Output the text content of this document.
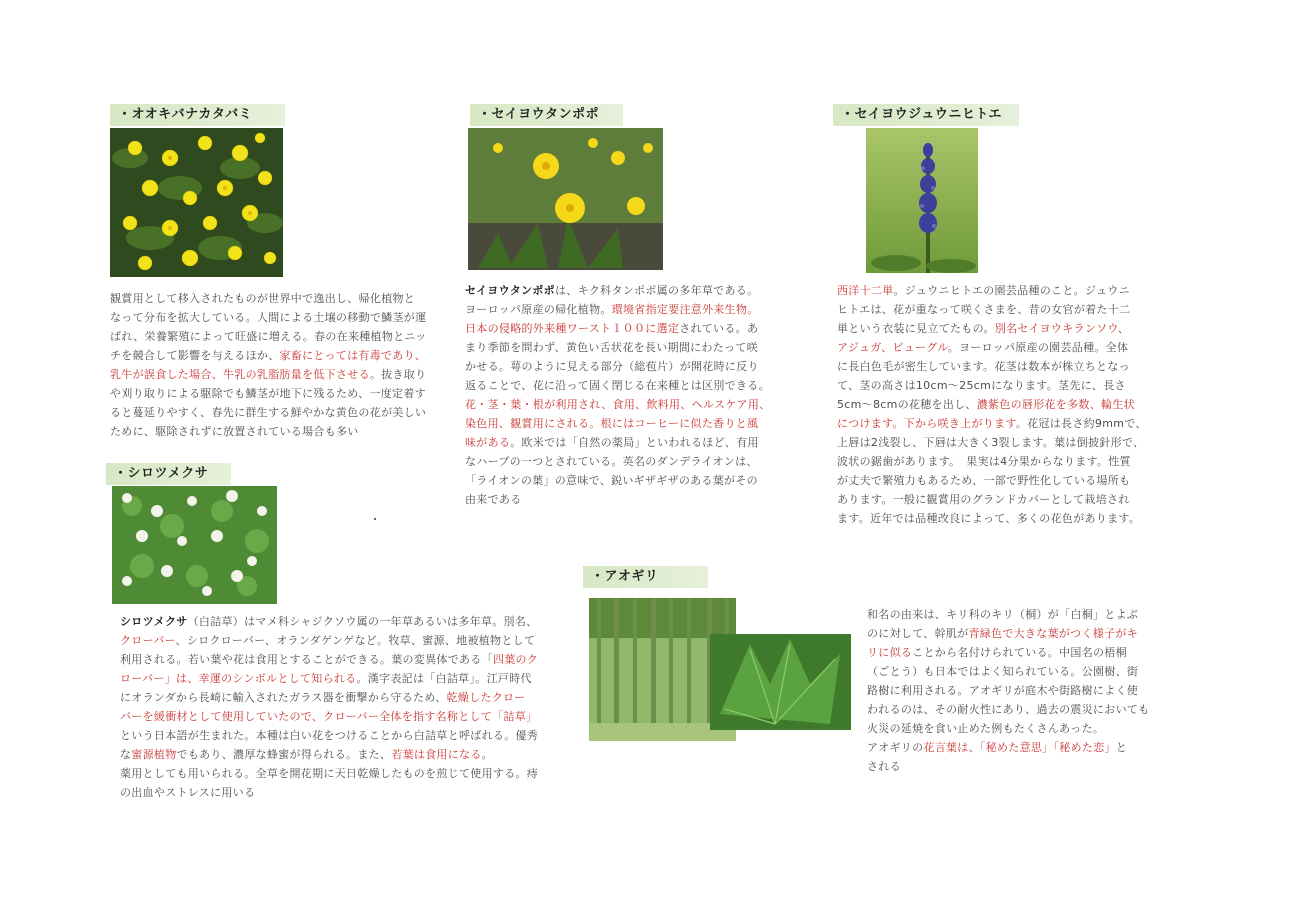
・オオキバナカタバミ	・セイヨウタンポポ	・セイヨウジュウニヒトエ
・シロツメクサ
・アオギリ

観賞用として移入されたものが世界中で逸出し、帰化植物と

なって分布を拡大している。人間による土壌の移動で鱗茎が運

ばれ、栄養繁殖によって旺盛に増える。春の在来種植物とニッ

チを競合して影響を与えるほか、家畜にとっては有毒であり、

乳牛が誤食した場合、牛乳の乳脂肪量を低下させる。抜き取り

や刈り取りによる駆除でも鱗茎が地下に残るため、一度定着す

ると蔓延りやすく、春先に群生する鮮やかな黄色の花が美しい

ために、駆除されずに放置されている場合も多い

セイヨウタンポポは、キク科タンポポ属の多年草である。

ヨーロッパ原産の帰化植物。環境省指定要注意外来生物。

日本の侵略的外来種ワースト１００に選定されている。あ

まり季節を問わず、黄色い舌状花を長い期間にわたって咲

かせる。萼のように見える部分（総苞片）が開花時に反り

返ることで、花に沿って固く閉じる在来種とは区別できる。

花・茎・葉・根が利用され、食用、飲料用、ヘルスケア用、

染色用、観賞用にされる。根にはコーヒーに似た香りと風

味がある。欧米では「自然の薬局」といわれるほど、有用

なハーブの一つとされている。英名のダンデライオンは、

「ライオンの葉」の意味で、鋭いギザギザのある葉がその

由来である

西洋十二単。ジュウニヒトエの園芸品種のこと。ジュウニ

ヒトエは、花が重なって咲くさまを、昔の女官が着た十二

単という衣装に見立てたもの。別名セイヨウキランソウ、

アジュガ、ビューグル。ヨーロッパ原産の園芸品種。全体

に長白色毛が密生しています。花茎は数本が株立ちとなっ

て、茎の高さは10cm～25cmになります。茎先に、長さ

5cm～8cmの花穂を出し、濃紫色の唇形花を多数、輪生状

につけます。下から咲き上がります。花冠は長さ約9mmで、

上唇は2浅裂し、下唇は大きく3裂します。葉は倒披針形で、

波状の鋸歯があります。　果実は4分果からなります。性質

が丈夫で繁殖力もあるため、一部で野性化している場所も

あります。一般に観賞用のグランドカバーとして栽培され

ます。近年では品種改良によって、多くの花色があります。

シロツメクサ（白詰草）はマメ科シャジクソウ属の一年草あるいは多年草。別名、

クローバー、シロクローバー、オランダゲンゲなど。牧草、蜜源、地被植物として

利用される。若い葉や花は食用とすることができる。葉の変異体である「四葉のク

ローバー」は、幸運のシンボルとして知られる。漢字表記は「白詰草」。江戸時代

にオランダから長崎に輸入されたガラス器を衝撃から守るため、乾燥したクロー

バーを緩衝材として使用していたので、クローバー全体を指す名称として「詰草」

という日本語が生まれた。本種は白い花をつけることから白詰草と呼ばれる。優秀

な蜜源植物でもあり、濃厚な蜂蜜が得られる。また、若葉は食用になる。

薬用としても用いられる。全草を開花期に天日乾燥したものを煎じて使用する。痔

の出血やストレスに用いる

和名の由来は、キリ科のキリ（桐）が「白桐」とよぶ

のに対して、幹肌が青緑色で大きな葉がつく様子がキ

リに似ることから名付けられている。中国名の梧桐

（ごとう）も日本ではよく知られている。公園樹、街

路樹に利用される。アオギリが庭木や街路樹によく使

われるのは、その耐火性にあり、過去の震災においても

火災の延焼を食い止めた例もたくさんあった。

アオギリの花言葉は、「秘めた意思」「秘めた恋」と

される
